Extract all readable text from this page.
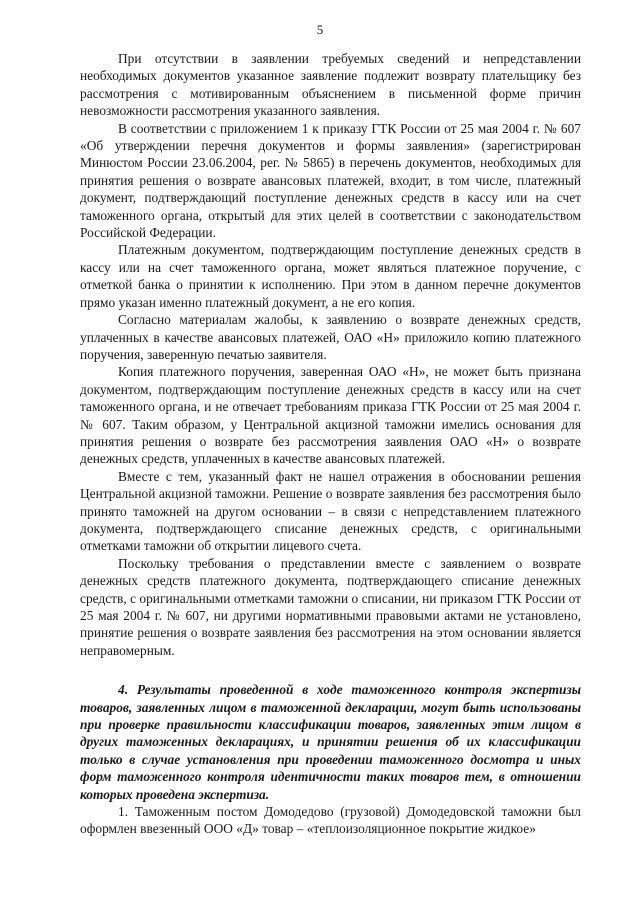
5

При отсутствии в заявлении требуемых сведений и непредставлении необходимых документов указанное заявление подлежит возврату плательщику без рассмотрения с мотивированным объяснением в письменной форме причин невозможности рассмотрения указанного заявления.

В соответствии с приложением 1 к приказу ГТК России от 25 мая 2004 г. № 607 «Об утверждении перечня документов и формы заявления» (зарегистрирован Минюстом России 23.06.2004, рег. № 5865) в перечень документов, необходимых для принятия решения о возврате авансовых платежей, входит, в том числе, платежный документ, подтверждающий поступление денежных средств в кассу или на счет таможенного органа, открытый для этих целей в соответствии с законодательством Российской Федерации.

Платежным документом, подтверждающим поступление денежных средств в кассу или на счет таможенного органа, может являться платежное поручение, с отметкой банка о принятии к исполнению. При этом в данном перечне документов прямо указан именно платежный документ, а не его копия.

Согласно материалам жалобы, к заявлению о возврате денежных средств, уплаченных в качестве авансовых платежей, ОАО «Н» приложило копию платежного поручения, заверенную печатью заявителя.

Копия платежного поручения, заверенная ОАО «Н», не может быть признана документом, подтверждающим поступление денежных средств в кассу или на счет таможенного органа, и не отвечает требованиям приказа ГТК России от 25 мая 2004 г. № 607. Таким образом, у Центральной акцизной таможни имелись основания для принятия решения о возврате без рассмотрения заявления ОАО «Н» о возврате денежных средств, уплаченных в качестве авансовых платежей.

Вместе с тем, указанный факт не нашел отражения в обосновании решения Центральной акцизной таможни. Решение о возврате заявления без рассмотрения было принято таможней на другом основании – в связи с непредставлением платежного документа, подтверждающего списание денежных средств, с оригинальными отметками таможни об открытии лицевого счета.

Поскольку требования о представлении вместе с заявлением о возврате денежных средств платежного документа, подтверждающего списание денежных средств, с оригинальными отметками таможни о списании, ни приказом ГТК России от 25 мая 2004 г. № 607, ни другими нормативными правовыми актами не установлено, принятие решения о возврате заявления без рассмотрения на этом основании является неправомерным.

4. Результаты проведенной в ходе таможенного контроля экспертизы товаров, заявленных лицом в таможенной декларации, могут быть использованы при проверке правильности классификации товаров, заявленных этим лицом в других таможенных декларациях, и принятии решения об их классификации только в случае установления при проведении таможенного досмотра и иных форм таможенного контроля идентичности таких товаров тем, в отношении которых проведена экспертиза.

1. Таможенным постом Домодедово (грузовой) Домодедовской таможни был оформлен ввезенный ООО «Д» товар – «теплоизоляционное покрытие жидкое»
